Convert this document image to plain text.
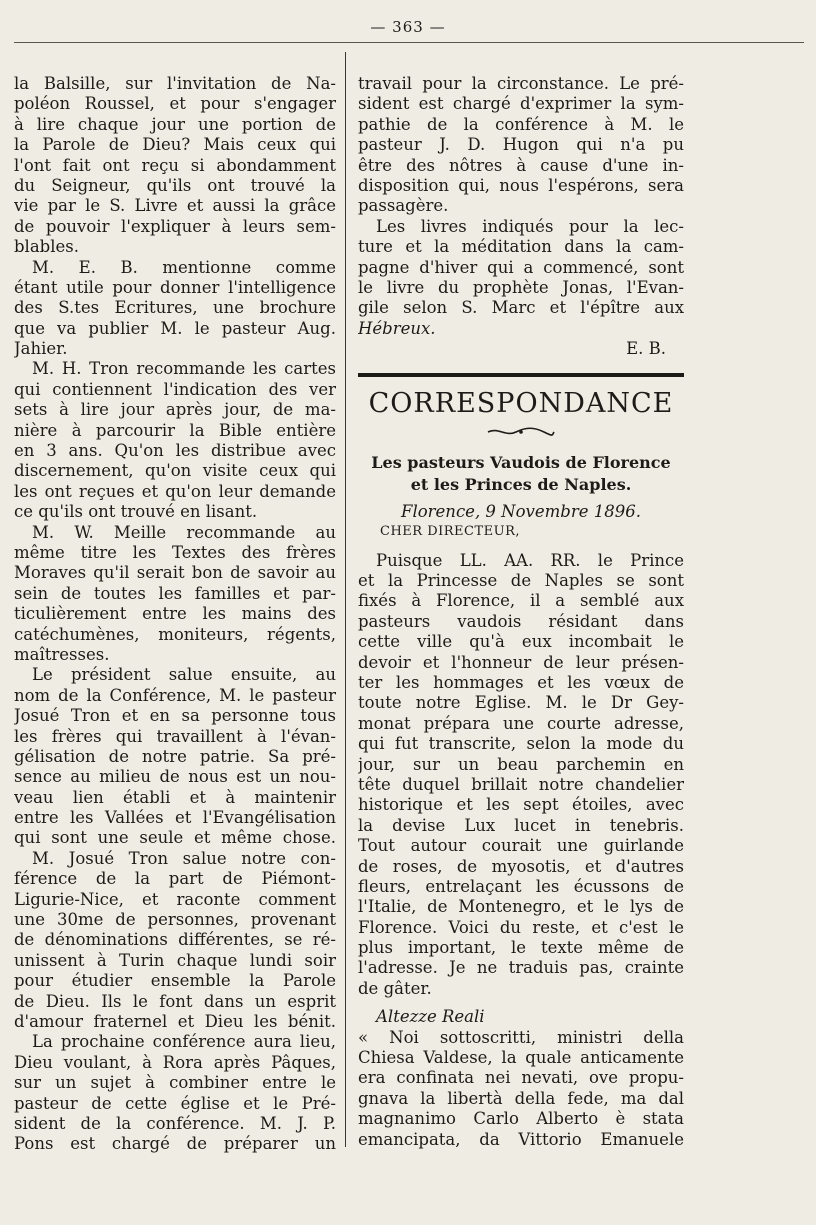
— 363 —
la Balsille, sur l'invitation de Na-
poléon Roussel, et pour s'engager
à lire chaque jour une portion de
la Parole de Dieu? Mais ceux qui
l'ont fait ont reçu si abondamment
du Seigneur, qu'ils ont trouvé la
vie par le S. Livre et aussi la grâce
de pouvoir l'expliquer à leurs sem-
blables.
M. E. B. mentionne comme
étant utile pour donner l'intelligence
des S.tes Ecritures, une brochure
que va publier M. le pasteur Aug.
Jahier.
M. H. Tron recommande les cartes
qui contiennent l'indication des ver
sets à lire jour après jour, de ma-
nière à parcourir la Bible entière
en 3 ans. Qu'on les distribue avec
discernement, qu'on visite ceux qui
les ont reçues et qu'on leur demande
ce qu'ils ont trouvé en lisant.
M. W. Meille recommande au
même titre les Textes des frères
Moraves qu'il serait bon de savoir au
sein de toutes les familles et par-
ticulièrement entre les mains des
catéchumènes, moniteurs, régents,
maîtresses.
Le président salue ensuite, au
nom de la Conférence, M. le pasteur
Josué Tron et en sa personne tous
les frères qui travaillent à l'évan-
gélisation de notre patrie. Sa pré-
sence au milieu de nous est un nou-
veau lien établi et à maintenir
entre les Vallées et l'Evangélisation
qui sont une seule et même chose.
M. Josué Tron salue notre con-
férence de la part de Piémont-
Ligurie-Nice, et raconte comment
une 30me de personnes, provenant
de dénominations différentes, se ré-
unissent à Turin chaque lundi soir
pour étudier ensemble la Parole
de Dieu. Ils le font dans un esprit
d'amour fraternel et Dieu les bénit.
La prochaine conférence aura lieu,
Dieu voulant, à Rora après Pâques,
sur un sujet à combiner entre le
pasteur de cette église et le Pré-
sident de la conférence. M. J. P.
Pons est chargé de préparer un
travail pour la circonstance. Le pré-
sident est chargé d'exprimer la sym-
pathie de la conférence à M. le
pasteur J. D. Hugon qui n'a pu
être des nôtres à cause d'une in-
disposition qui, nous l'espérons, sera
passagère.
Les livres indiqués pour la lec-
ture et la méditation dans la cam-
pagne d'hiver qui a commencé, sont
le livre du prophète Jonas, l'Evan-
gile selon S. Marc et l'épître aux
Hébreux.
E. B.
CORRESPONDANCE
Les pasteurs Vaudois de Florence
et les Princes de Naples.
Florence, 9 Novembre 1896.
CHER DIRECTEUR,
Puisque LL. AA. RR. le Prince
et la Princesse de Naples se sont
fixés à Florence, il a semblé aux
pasteurs vaudois résidant dans
cette ville qu'à eux incombait le
devoir et l'honneur de leur présen-
ter les hommages et les vœux de
toute notre Eglise. M. le Dr Gey-
monat prépara une courte adresse,
qui fut transcrite, selon la mode du
jour, sur un beau parchemin en
tête duquel brillait notre chandelier
historique et les sept étoiles, avec
la devise Lux lucet in tenebris.
Tout autour courait une guirlande
de roses, de myosotis, et d'autres
fleurs, entrelaçant les écussons de
l'Italie, de Montenegro, et le lys de
Florence. Voici du reste, et c'est le
plus important, le texte même de
l'adresse. Je ne traduis pas, crainte
de gâter.
Altezze Reali
« Noi sottoscritti, ministri della
Chiesa Valdese, la quale anticamente
era confinata nei nevati, ove propu-
gnava la libertà della fede, ma dal
magnanimo Carlo Alberto è stata
emancipata, da Vittorio Emanuele
